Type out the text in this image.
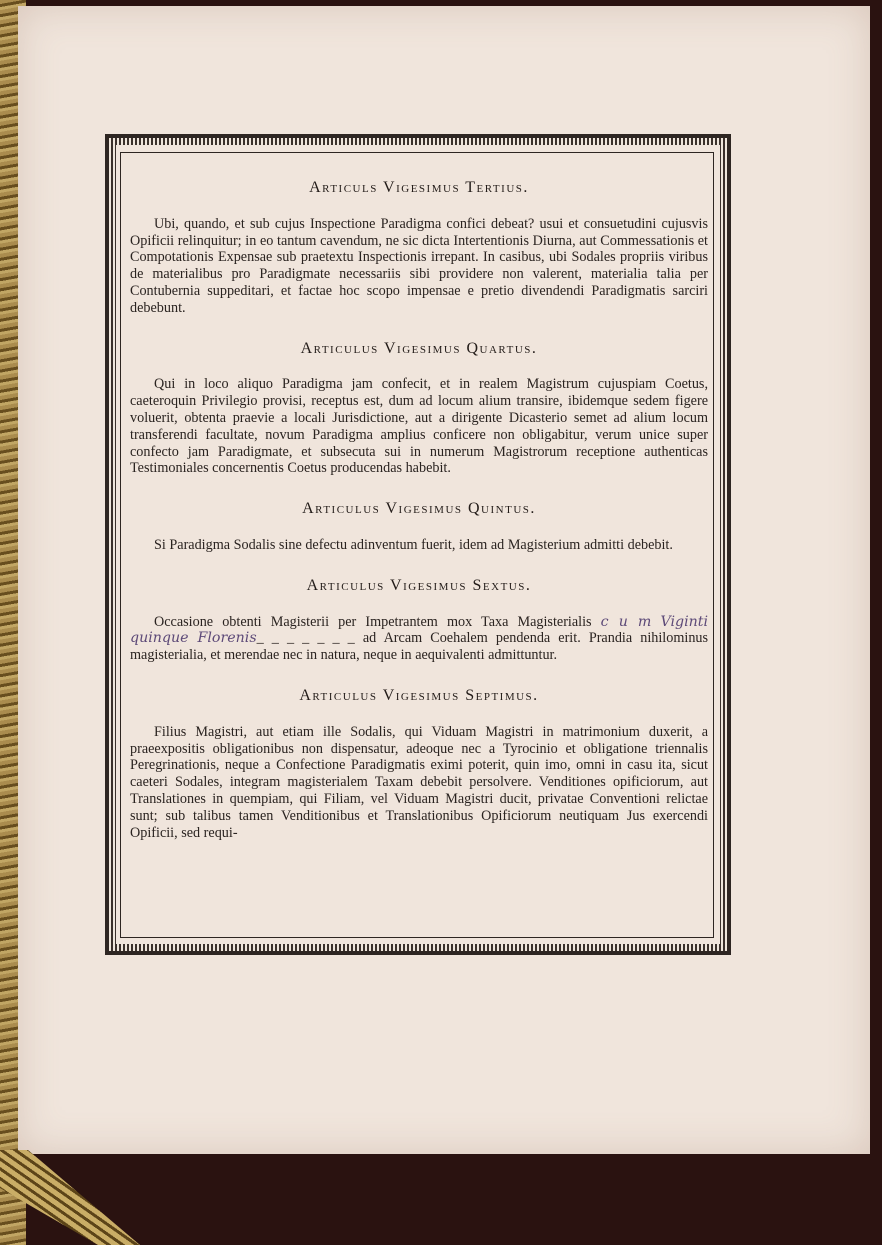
Articuls Vigesimus Tertius.

Ubi, quando, et sub cujus Inspectione Paradigma confici debeat? usui et consuetudini cujusvis Opificii relinquitur; in eo tantum cavendum, ne sic dicta Intertentionis Diurna, aut Commessationis et Compotationis Expensae sub praetextu Inspectionis irrepant. In casibus, ubi Sodales propriis viribus de materialibus pro Paradigmate necessariis sibi providere non valerent, materialia talia per Contubernia suppeditari, et factae hoc scopo impensae e pretio divendendi Paradigmatis sarciri debebunt.

Articulus Vigesimus Quartus.

Qui in loco aliquo Paradigma jam confecit, et in realem Magistrum cujuspiam Coetus, caeteroquin Privilegio provisi, receptus est, dum ad locum alium transire, ibidemque sedem figere voluerit, obtenta praevie a locali Jurisdictione, aut a dirigente Dicasterio semet ad alium locum transferendi facultate, novum Paradigma amplius conficere non obligabitur, verum unice super confecto jam Paradigmate, et subsecuta sui in numerum Magistrorum receptione authenticas Testimoniales concernentis Coetus producendas habebit.

Articulus Vigesimus Quintus.

Si Paradigma Sodalis sine defectu adinventum fuerit, idem ad Magisterium admitti debebit.

Articulus Vigesimus Sextus.

Occasione obtenti Magisterii per Impetrantem mox Taxa Magisterialis c u m Viginti quinque Florenis_ _ _ _ _ _ _ ad Arcam Coehalem pendenda erit. Prandia nihilominus magisterialia, et merendae nec in natura, neque in aequivalenti admittuntur.

Articulus Vigesimus Septimus.

Filius Magistri, aut etiam ille Sodalis, qui Viduam Magistri in matrimonium duxerit, a praeexpositis obligationibus non dispensatur, adeoque nec a Tyrocinio et obligatione triennalis Peregrinationis, neque a Confectione Paradigmatis eximi poterit, quin imo, omni in casu ita, sicut caeteri Sodales, integram magisterialem Taxam debebit persolvere. Venditiones opificiorum, aut Translationes in quempiam, qui Filiam, vel Viduam Magistri ducit, privatae Conventioni relictae sunt; sub talibus tamen Venditionibus et Translationibus Opificiorum neutiquam Jus exercendi Opificii, sed requi-
